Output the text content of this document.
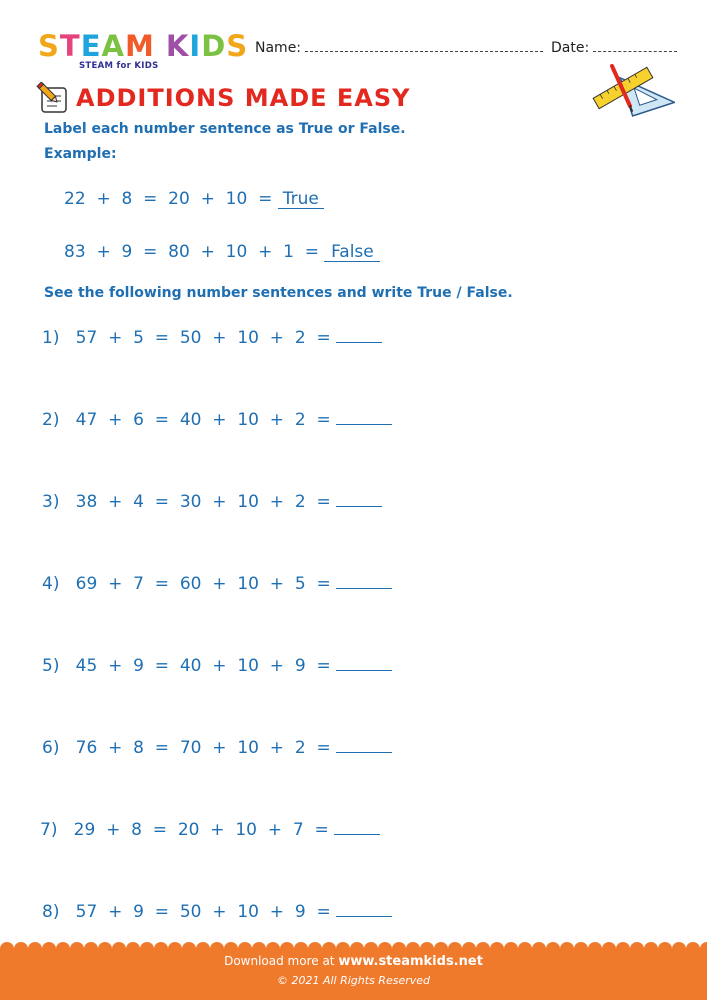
STEAM KIDS
STEAM for KIDS
Name:	Date:
ADDITIONS MADE EASY
Label each number sentence as True or False.
Example:
22  +  8  =  20  +  10  = True
83  +  9  =  80  +  10  +  1  = False
See the following number sentences and write True / False.
1) 57  +  5  =  50  +  10  +  2  =
2) 47  +  6  =  40  +  10  +  2  =
3) 38  +  4  =  30  +  10  +  2  =
4) 69  +  7  =  60  +  10  +  5  =
5) 45  +  9  =  40  +  10  +  9  =
6) 76  +  8  =  70  +  10  +  2  =
7) 29  +  8  =  20  +  10  +  7  =
8) 57  +  9  =  50  +  10  +  9  =
Download more at www.steamkids.net
© 2021 All Rights Reserved
